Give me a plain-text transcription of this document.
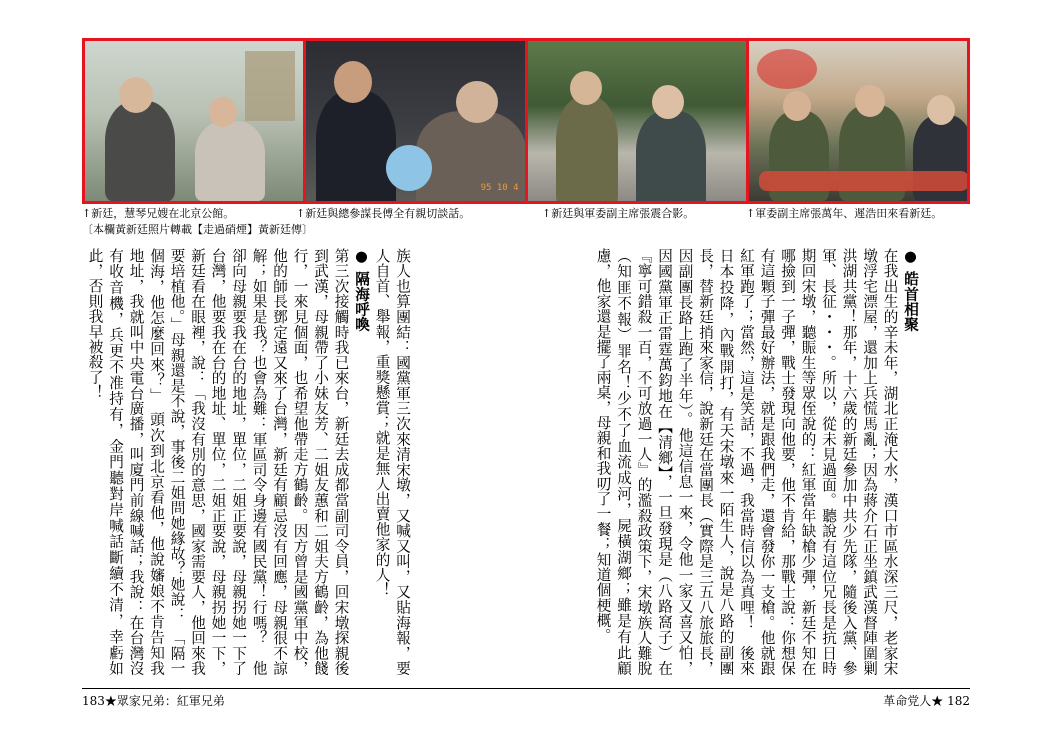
95 10 4
↑新廷，慧琴兄嫂在北京公館。	↑新廷與總參謀長傅全有親切談話。	↑新廷與軍委副主席張震合影。	↑軍委副主席張萬年、遲浩田來看新廷。
〔本欄黃新廷照片轉載【走過硝煙】黃新廷傳〕
● 皓首相聚
在我出生的辛未年，湖北正淹大水，漢口市區水深三尺，老家宋墩浮宅漂屋，還加上兵慌馬亂；因為蔣介石正坐鎮武漢督陣圍剿洪湖共黨！那年，十六歲的新廷參加中共少先隊，隨後入黨、參軍、長征・・・。所以，從未見過面。聽說有這位兄長是抗日時期回宋墩，聽賑生等眾侄說的：紅軍當年缺槍少彈，新廷不知在哪撿到一子彈，戰士發現向他要，他不肯給，那戰士說：你想保有這顆子彈最好辦法，就是跟我們走，還會發你一支槍。他就跟紅軍跑了；當然，這是笑話，不過，我當時信以為真哩！　後來日本投降，內戰開打，有天宋墩來一陌生人，說是八路的副團長，替新廷捎來家信，說新廷在當團長（實際是三五八旅旅長，因副團長路上跑了半年）。他這信息一來，令他一家又喜又怕，因國黨軍正雷霆萬鈞地在【清鄉】，一旦發現是（八路窩子）在『寧可錯殺一百，不可放過一人』的濫殺政策下，宋墩族人難脫（知匪不報）罪名！少不了血流成河，屍橫湖鄉；雖是有此顧慮，他家還是擺了兩桌，母親和我叨了一餐；知道個梗概。
族人也算團結：國黨軍三次來清宋墩，又喊又叫，又貼海報，要人自首、舉報，重獎懸賞；就是無人出賣他家的人！
● 隔海呼喚
第三次接觸時我已來台，新廷去成都當副司令員，回宋墩探親後到武漢，母親帶了小妹友芳、二姐友蕙和二姐夫方鶴齡，為他餞行，一來見個面，也希望他帶走方鶴齡。因方曾是國黨軍中校，他的師長鄧定遠又來了台灣，新廷有顧忌沒有回應，母親很不諒解；如果是我？也會為難：軍區司令身邊有國民黨！行嗎？　他卻向母親要我在台的地址，單位，二姐正要說，母親拐她一下了台灣，他要我在台的地址、單位，二姐正要說，母親拐她一下，新廷看在眼裡，說：「我沒有別的意思，國家需要人，他回來我要培植他。」母親還是不說，事後二姐問她緣故？她說：　「隔一個海，他怎麼回來？」　頭次到北京看他，他說嬸娘不肯告知我地址，我就叫中央電台廣播，叫廈門前線喊話；我說：在台灣沒有收音機，兵更不准持有，金門聽對岸喊話斷續不清，幸虧如此，否則我早被殺了！
183★眾家兄弟：紅軍兄弟	革命党人★ 182
